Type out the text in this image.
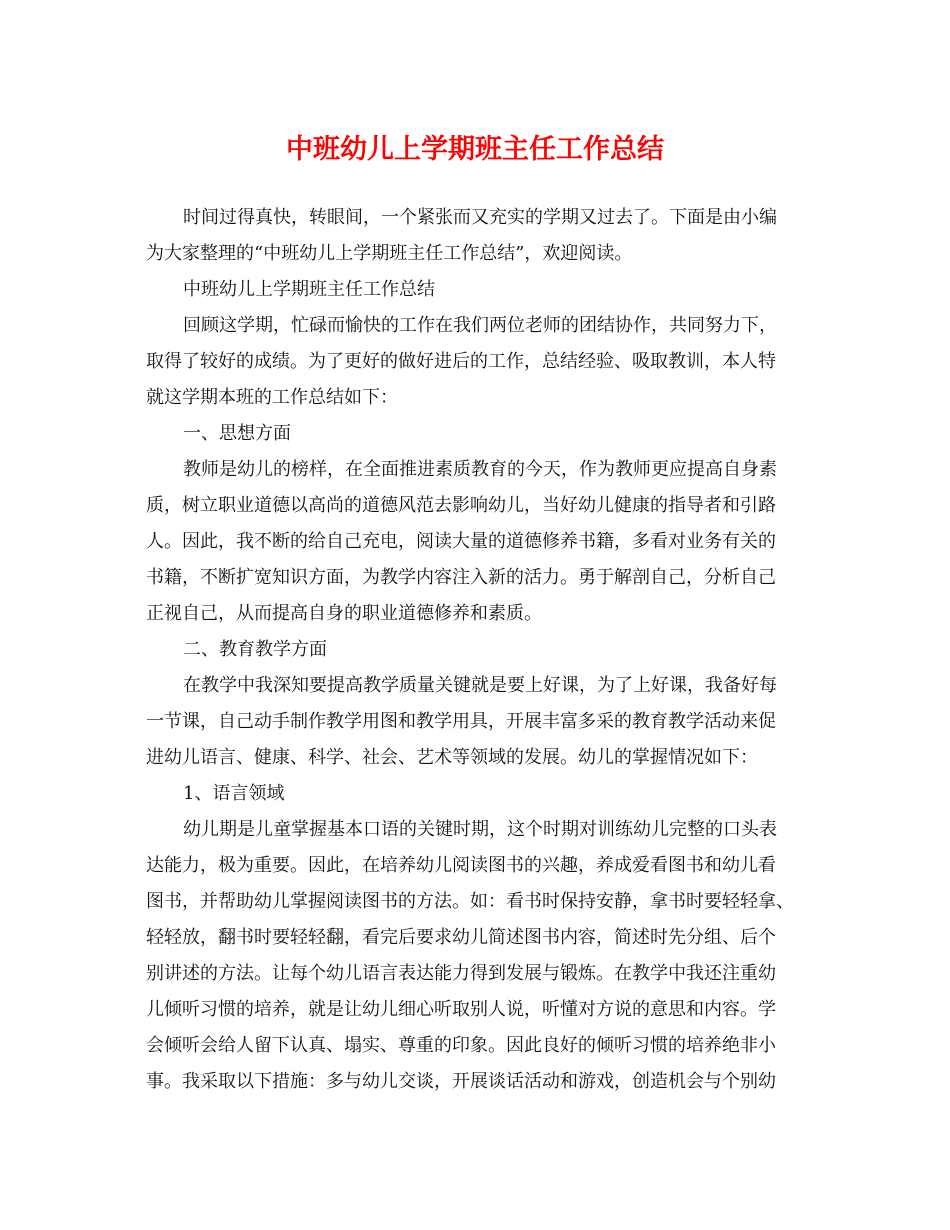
中班幼儿上学期班主任工作总结
时间过得真快，转眼间，一个紧张而又充实的学期又过去了。下面是由小编
为大家整理的“中班幼儿上学期班主任工作总结”，欢迎阅读。
中班幼儿上学期班主任工作总结
回顾这学期，忙碌而愉快的工作在我们两位老师的团结协作，共同努力下，
取得了较好的成绩。为了更好的做好进后的工作，总结经验、吸取教训，本人特
就这学期本班的工作总结如下：
一、思想方面
教师是幼儿的榜样，在全面推进素质教育的今天，作为教师更应提高自身素
质，树立职业道德以高尚的道德风范去影响幼儿，当好幼儿健康的指导者和引路
人。因此，我不断的给自己充电，阅读大量的道德修养书籍，多看对业务有关的
书籍，不断扩宽知识方面，为教学内容注入新的活力。勇于解剖自己，分析自己
正视自己，从而提高自身的职业道德修养和素质。
二、教育教学方面
在教学中我深知要提高教学质量关键就是要上好课，为了上好课，我备好每
一节课，自己动手制作教学用图和教学用具，开展丰富多采的教育教学活动来促
进幼儿语言、健康、科学、社会、艺术等领域的发展。幼儿的掌握情况如下：
1、语言领域
幼儿期是儿童掌握基本口语的关键时期，这个时期对训练幼儿完整的口头表
达能力，极为重要。因此，在培养幼儿阅读图书的兴趣，养成爱看图书和幼儿看
图书，并帮助幼儿掌握阅读图书的方法。如：看书时保持安静，拿书时要轻轻拿、
轻轻放，翻书时要轻轻翻，看完后要求幼儿简述图书内容，简述时先分组、后个
别讲述的方法。让每个幼儿语言表达能力得到发展与锻炼。在教学中我还注重幼
儿倾听习惯的培养，就是让幼儿细心听取别人说，听懂对方说的意思和内容。学
会倾听会给人留下认真、塌实、尊重的印象。因此良好的倾听习惯的培养绝非小
事。我采取以下措施：多与幼儿交谈，开展谈话活动和游戏，创造机会与个别幼
